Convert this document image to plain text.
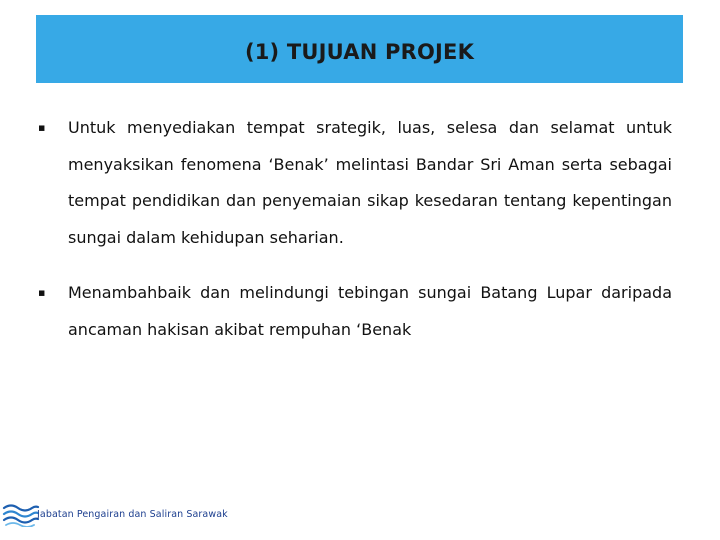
(1) TUJUAN PROJEK
▪	Untuk menyediakan tempat srategik, luas, selesa dan selamat untuk menyaksikan fenomena ‘Benak’ melintasi Bandar Sri Aman serta sebagai tempat pendidikan dan penyemaian sikap kesedaran tentang kepentingan sungai dalam kehidupan seharian.
▪	Menambahbaik dan melindungi tebingan sungai Batang Lupar daripada ancaman hakisan akibat rempuhan ‘Benak
Jabatan Pengairan dan Saliran Sarawak
